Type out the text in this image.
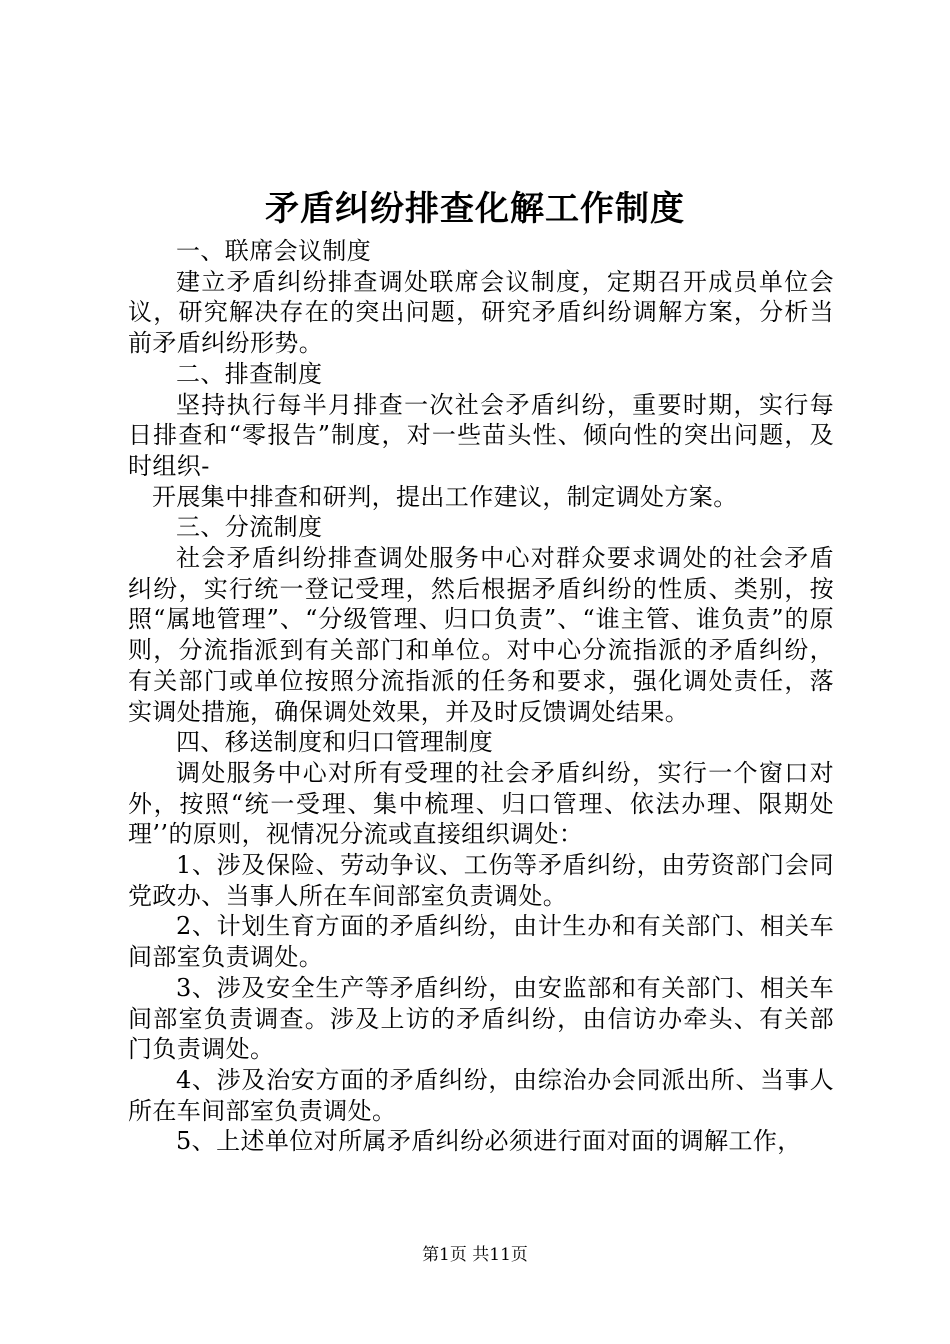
矛盾纠纷排查化解工作制度

一、联席会议制度

建立矛盾纠纷排查调处联席会议制度，定期召开成员单位会议，研究解决存在的突出问题，研究矛盾纠纷调解方案，分析当前矛盾纠纷形势。

二、排查制度

坚持执行每半月排查一次社会矛盾纠纷，重要时期，实行每日排查和“零报告”制度，对一些苗头性、倾向性的突出问题，及时组织-

开展集中排查和研判，提出工作建议，制定调处方案。

三、分流制度

社会矛盾纠纷排查调处服务中心对群众要求调处的社会矛盾纠纷，实行统一登记受理，然后根据矛盾纠纷的性质、类别，按照“属地管理”、“分级管理、归口负责”、“谁主管、谁负责”的原则，分流指派到有关部门和单位。对中心分流指派的矛盾纠纷，有关部门或单位按照分流指派的任务和要求，强化调处责任，落实调处措施，确保调处效果，并及时反馈调处结果。

四、移送制度和归口管理制度

调处服务中心对所有受理的社会矛盾纠纷，实行一个窗口对外，按照“统一受理、集中梳理、归口管理、依法办理、限期处理’’的原则，视情况分流或直接组织调处：

1、涉及保险、劳动争议、工伤等矛盾纠纷，由劳资部门会同党政办、当事人所在车间部室负责调处。

2、计划生育方面的矛盾纠纷，由计生办和有关部门、相关车间部室负责调处。

3、涉及安全生产等矛盾纠纷，由安监部和有关部门、相关车间部室负责调查。涉及上访的矛盾纠纷，由信访办牵头、有关部门负责调处。

4、涉及治安方面的矛盾纠纷，由综治办会同派出所、当事人所在车间部室负责调处。

5、上述单位对所属矛盾纠纷必须进行面对面的调解工作，

第1页 共11页
